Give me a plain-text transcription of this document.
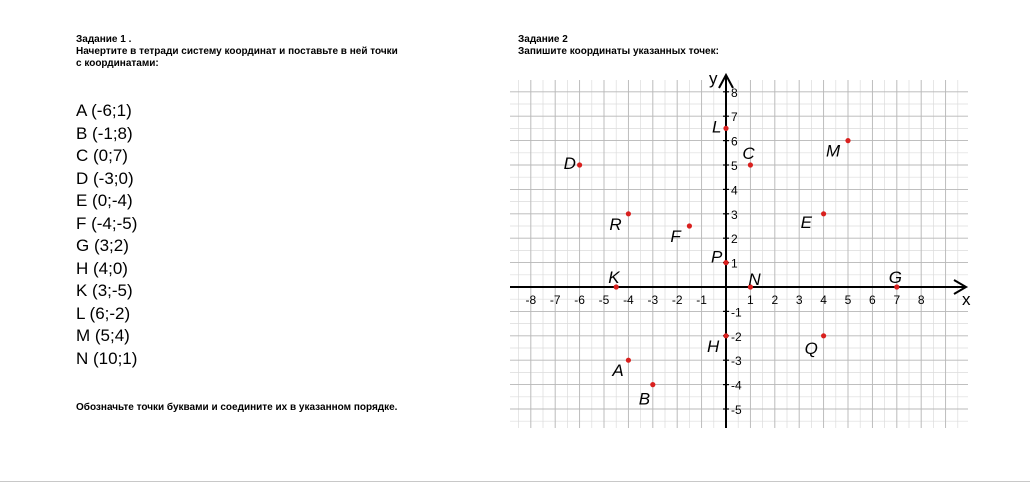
Задание 1 .
Начертите в тетради систему координат и поставьте в ней точки
с координатами:
A (-6;1)
B (-1;8)
C (0;7)
D (-3;0)
E (0;-4)
F (-4;-5)
G (3;2)
H (4;0)
K (3;-5)
L (6;-2)
M (5;4)
N (10;1)
Обозначьте точки буквами и соедините их в указанном порядке.
Задание 2
Запишите координаты указанных точек:
x
y
-8 -7 -6 -5 -4 -3 -2 -1	1 2 3 4 5 6 7 8
8
7
6
5
4
3
2
1
-1
-2
-3
-4
-5
L
C	M
D
R	E
F
P
K	N	G
H	Q
A
B
